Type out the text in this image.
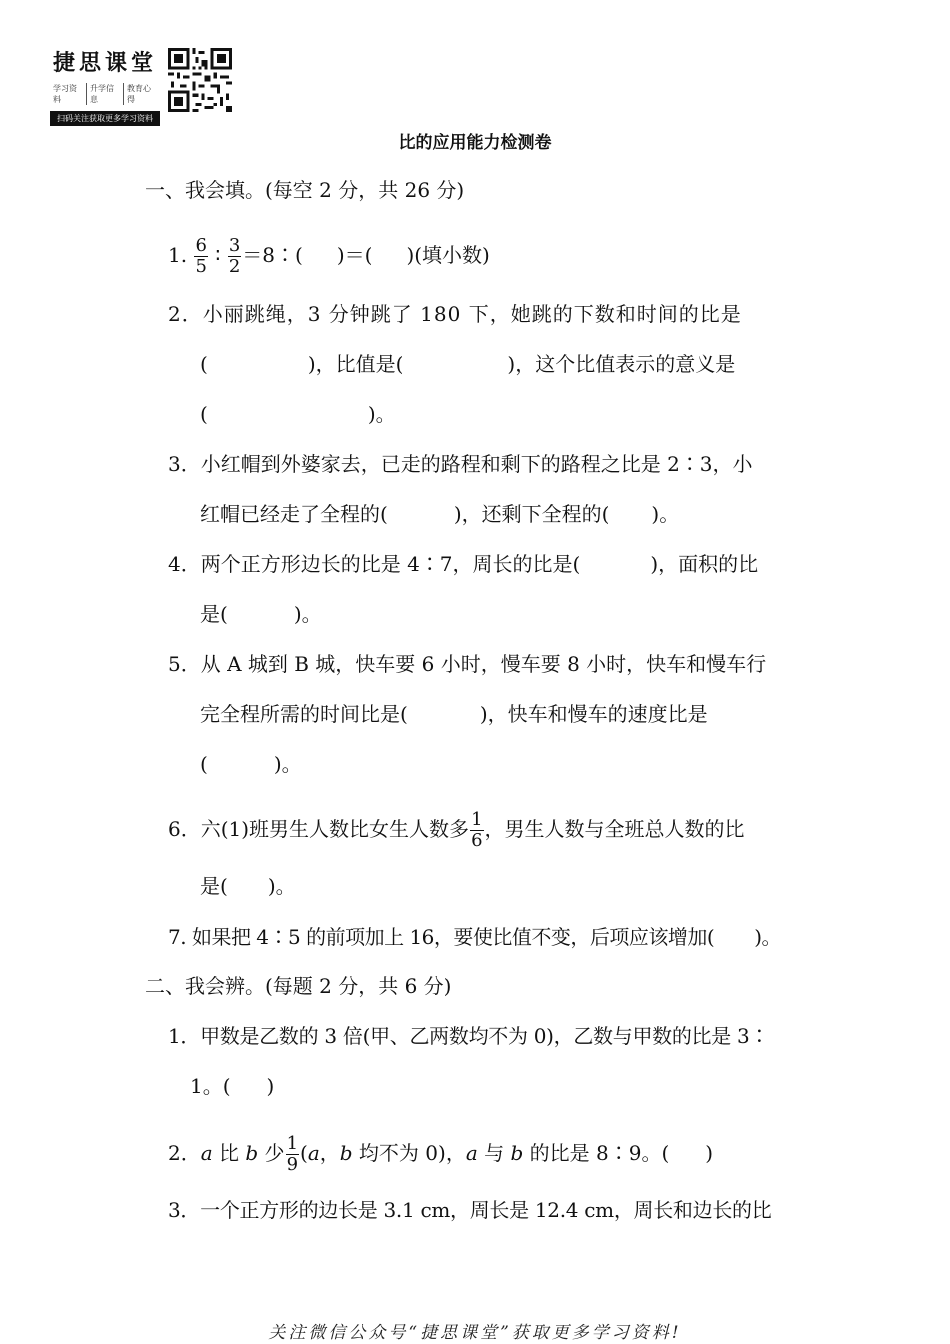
捷思课堂
学习资料
升学信息
教育心得
扫码关注获取更多学习资料
比的应用能力检测卷
一、我会填。(每空 2 分，共 26 分)
1. $\frac{6}{5}$ ∶ $\frac{3}{2}$ ＝8∶( )＝( )(填小数)
2．小丽跳绳，3 分钟跳了 180 下，她跳的下数和时间的比是
(	)，比值是(	)，这个比值表示的意义是
(	)。
3．小红帽到外婆家去，已走的路程和剩下的路程之比是 2∶3，小
红帽已经走了全程的(	)，还剩下全程的( )。
4．两个正方形边长的比是 4∶7，周长的比是(	)，面积的比
是(	)。
5．从 A 城到 B 城，快车要 6 小时，慢车要 8 小时，快车和慢车行
完全程所需的时间比是(	)，快车和慢车的速度比是
(	)。
6．六(1)班男生人数比女生人数多 $\frac{1}{6}$ ，男生人数与全班总人数的比
是( )。
7. 如果把 4∶5 的前项加上 16，要使比值不变，后项应该增加( )。
二、我会辨。(每题 2 分，共 6 分)
1．甲数是乙数的 3 倍(甲、乙两数均不为 0)，乙数与甲数的比是 3∶
1。( )
2．a 比 b 少 $\frac{1}{9} (a$，b 均不为 0)，a 与 b 的比是 8∶9。( )
3．一个正方形的边长是 3.1 cm，周长是 12.4 cm，周长和边长的比
关注微信公众号“捷思课堂”获取更多学习资料!
